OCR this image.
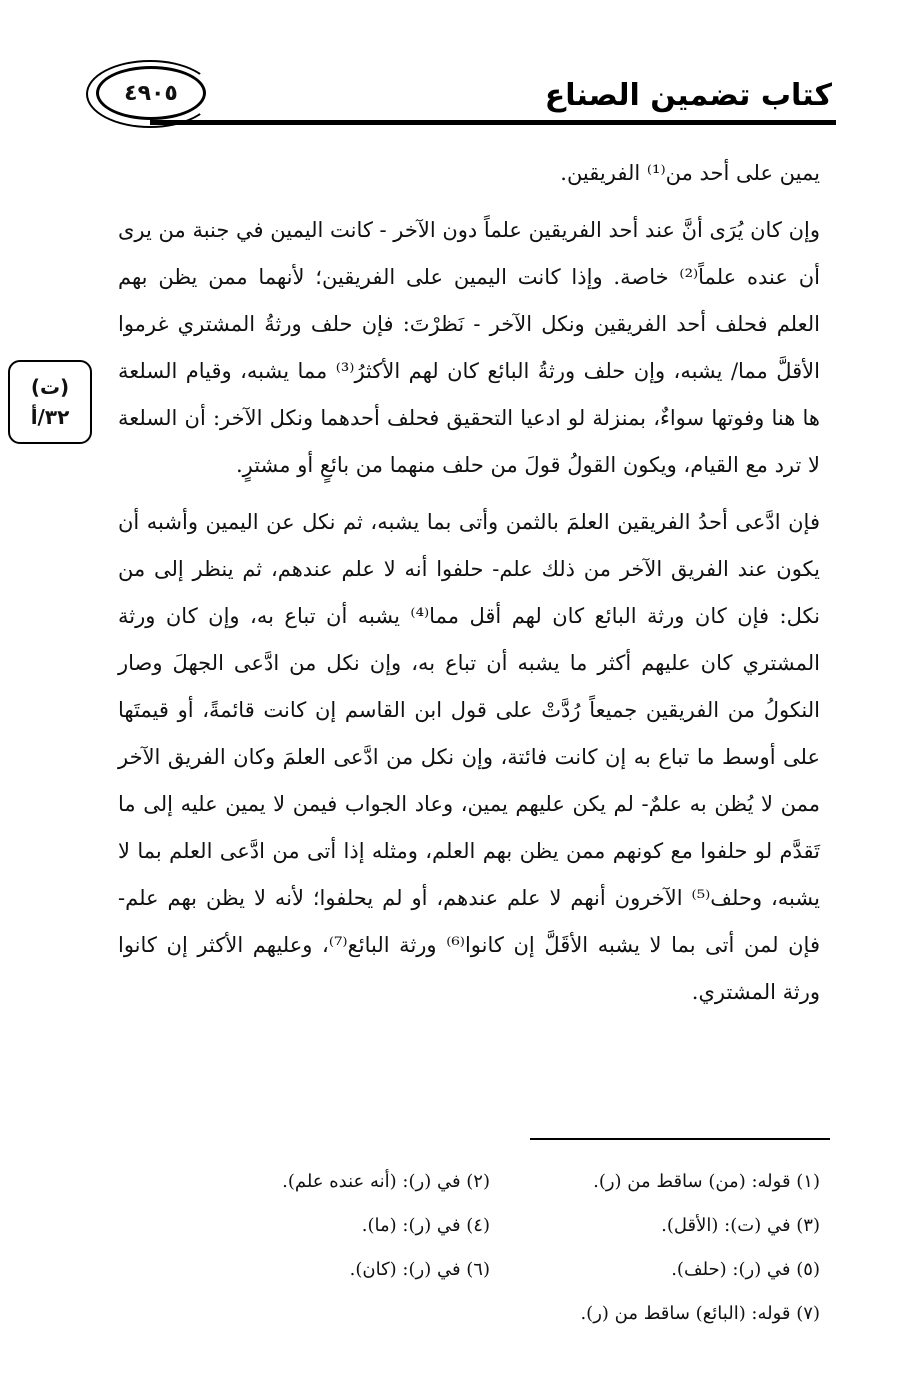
كتاب تضمين الصناع
٤٩٠٥
(ت)
٣٢/أ

يمين على أحد من⁽¹⁾ الفريقين.

وإن كان يُرَى أنَّ عند أحد الفريقين علماً دون الآخر - كانت اليمين في جنبة من يرى أن عنده علماً⁽²⁾ خاصة. وإذا كانت اليمين على الفريقين؛ لأنهما ممن يظن بهم العلم فحلف أحد الفريقين ونكل الآخر - نَظرْتَ: فإن حلف ورثةُ المشتري غرموا الأقلَّ مما/ يشبه، وإن حلف ورثةُ البائع كان لهم الأكثرُ⁽³⁾ مما يشبه، وقيام السلعة ها هنا وفوتها سواءٌ، بمنزلة لو ادعيا التحقيق فحلف أحدهما ونكل الآخر: أن السلعة لا ترد مع القيام، ويكون القولُ قولَ من حلف منهما من بائعٍ أو مشترٍ.

فإن ادَّعى أحدُ الفريقين العلمَ بالثمن وأتى بما يشبه، ثم نكل عن اليمين وأشبه أن يكون عند الفريق الآخر من ذلك علم- حلفوا أنه لا علم عندهم، ثم ينظر إلى من نكل: فإن كان ورثة البائع كان لهم أقل مما⁽⁴⁾ يشبه أن تباع به، وإن كان ورثة المشتري كان عليهم أكثر ما يشبه أن تباع به، وإن نكل من ادَّعى الجهلَ وصار النكولُ من الفريقين جميعاً رُدَّتْ على قول ابن القاسم إن كانت قائمةً، أو قيمتَها على أوسط ما تباع به إن كانت فائتة، وإن نكل من ادَّعى العلمَ وكان الفريق الآخر ممن لا يُظن به علمٌ- لم يكن عليهم يمين، وعاد الجواب فيمن لا يمين عليه إلى ما تَقدَّم لو حلفوا مع كونهم ممن يظن بهم العلم، ومثله إذا أتى من ادَّعى العلم بما لا يشبه، وحلف⁽⁵⁾ الآخرون أنهم لا علم عندهم، أو لم يحلفوا؛ لأنه لا يظن بهم علم- فإن لمن أتى بما لا يشبه الأقَلَّ إن كانوا⁽⁶⁾ ورثة البائع⁽⁷⁾، وعليهم الأكثر إن كانوا ورثة المشتري.

(١) قوله: (من) ساقط من (ر).
(٢) في (ر): (أنه عنده علم).
(٣) في (ت): (الأقل).
(٤) في (ر): (ما).
(٥) في (ر): (حلف).
(٦) في (ر): (كان).
(٧) قوله: (البائع) ساقط من (ر).
